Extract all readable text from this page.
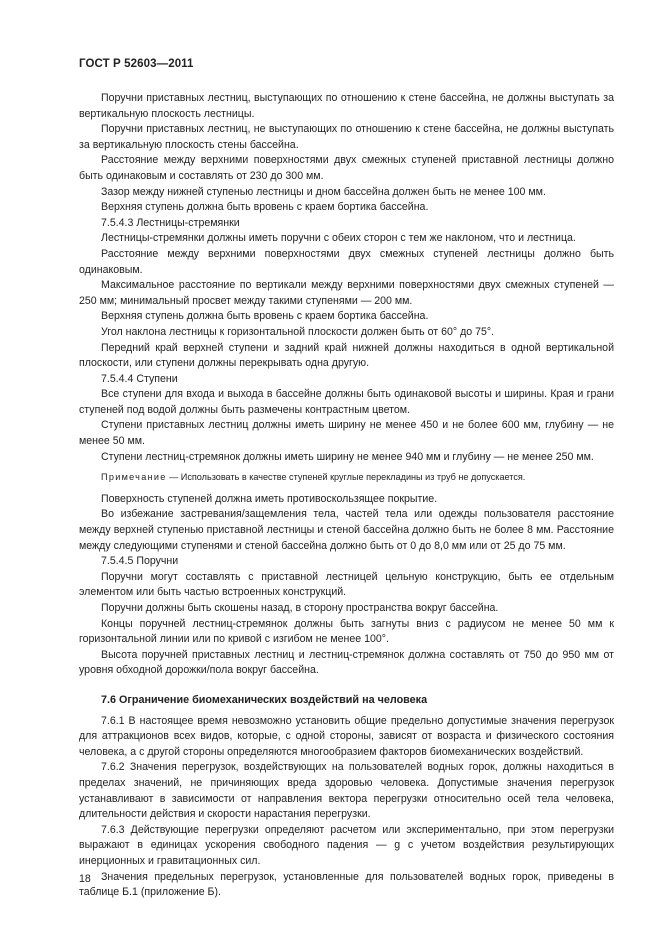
ГОСТ Р 52603—2011

Поручни приставных лестниц, выступающих по отношению к стене бассейна, не должны выступать за вертикальную плоскость лестницы.

Поручни приставных лестниц, не выступающих по отношению к стене бассейна, не должны выступать за вертикальную плоскость стены бассейна.

Расстояние между верхними поверхностями двух смежных ступеней приставной лестницы должно быть одинаковым и составлять от 230 до 300 мм.

Зазор между нижней ступенью лестницы и дном бассейна должен быть не менее 100 мм.

Верхняя ступень должна быть вровень с краем бортика бассейна.

7.5.4.3 Лестницы-стремянки

Лестницы-стремянки должны иметь поручни с обеих сторон с тем же наклоном, что и лестница.

Расстояние между верхними поверхностями двух смежных ступеней лестницы должно быть одинаковым.

Максимальное расстояние по вертикали между верхними поверхностями двух смежных ступеней — 250 мм; минимальный просвет между такими ступенями — 200 мм.

Верхняя ступень должна быть вровень с краем бортика бассейна.

Угол наклона лестницы к горизонтальной плоскости должен быть от 60° до 75°.

Передний край верхней ступени и задний край нижней должны находиться в одной вертикальной плоскости, или ступени должны перекрывать одна другую.

7.5.4.4 Ступени

Все ступени для входа и выхода в бассейне должны быть одинаковой высоты и ширины. Края и грани ступеней под водой должны быть размечены контрастным цветом.

Ступени приставных лестниц должны иметь ширину не менее 450 и не более 600 мм, глубину — не менее 50 мм.

Ступени лестниц-стремянок должны иметь ширину не менее 940 мм и глубину — не менее 250 мм.

Примечание — Использовать в качестве ступеней круглые перекладины из труб не допускается.

Поверхность ступеней должна иметь противоскользящее покрытие.

Во избежание застревания/защемления тела, частей тела или одежды пользователя расстояние между верхней ступенью приставной лестницы и стеной бассейна должно быть не более 8 мм. Расстояние между следующими ступенями и стеной бассейна должно быть от 0 до 8,0 мм или от 25 до 75 мм.

7.5.4.5 Поручни

Поручни могут составлять с приставной лестницей цельную конструкцию, быть ее отдельным элементом или быть частью встроенных конструкций.

Поручни должны быть скошены назад, в сторону пространства вокруг бассейна.

Концы поручней лестниц-стремянок должны быть загнуты вниз с радиусом не менее 50 мм к горизонтальной линии или по кривой с изгибом не менее 100°.

Высота поручней приставных лестниц и лестниц-стремянок должна составлять от 750 до 950 мм от уровня обходной дорожки/пола вокруг бассейна.

7.6 Ограничение биомеханических воздействий на человека

7.6.1 В настоящее время невозможно установить общие предельно допустимые значения перегрузок для аттракционов всех видов, которые, с одной стороны, зависят от возраста и физического состояния человека, а с другой стороны определяются многообразием факторов биомеханических воздействий.

7.6.2 Значения перегрузок, воздействующих на пользователей водных горок, должны находиться в пределах значений, не причиняющих вреда здоровью человека. Допустимые значения перегрузок устанавливают в зависимости от направления вектора перегрузки относительно осей тела человека, длительности действия и скорости нарастания перегрузки.

7.6.3 Действующие перегрузки определяют расчетом или экспериментально, при этом перегрузки выражают в единицах ускорения свободного падения — g с учетом воздействия результирующих инерционных и гравитационных сил.

Значения предельных перегрузок, установленные для пользователей водных горок, приведены в таблице Б.1 (приложение Б).

18
